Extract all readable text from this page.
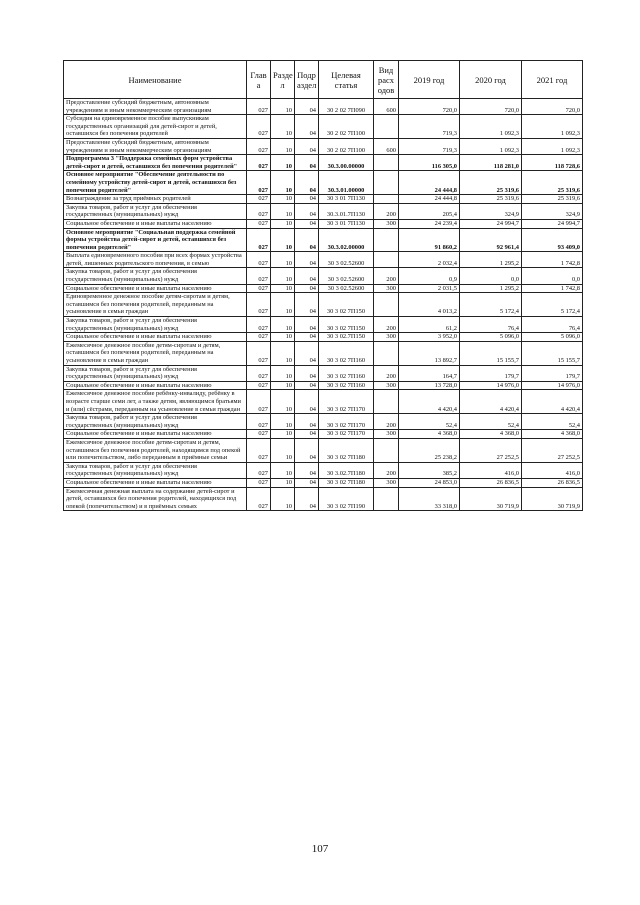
Наименование	Глав а	Разде л	Подр аздел	Целевая статья	Вид расх одов	2019 год	2020 год	2021 год
Предоставление субсидий бюджетным, автономным учреждениям и иным некоммерческим организациям	027	10	04	30 2 02 7П090	600	720,0	720,0	720,0
Субсидия на единовременное пособие выпускникам государственных организаций для детей-сирот и детей, оставшихся без попечения родителей	027	10	04	30 2 02 7П100		719,3	1 092,3	1 092,3
Предоставление субсидий бюджетным, автономным учреждениям и иным некоммерческим организациям	027	10	04	30 2 02 7П100	600	719,3	1 092,3	1 092,3
Подпрограмма 3 "Поддержка семейных форм устройства детей-сирот и детей, оставшихся без попечения родителей"	027	10	04	30.3.00.00000		116 305,0	118 281,0	118 728,6
Основное мероприятие "Обеспечение деятельности по семейному устройству детей-сирот и детей, оставшихся без попечения родителей"	027	10	04	30.3.01.00000		24 444,8	25 319,6	25 319,6
Вознаграждение за труд приёмных родителей	027	10	04	30 3 01 7П130		24 444,8	25 319,6	25 319,6
Закупка товаров, работ и услуг для обеспечения государственных (муниципальных) нужд	027	10	04	30.3.01.7П130	200	205,4	324,9	324,9
Социальное обеспечение и иные выплаты населению	027	10	04	30 3 01 7П130	300	24 239,4	24 994,7	24 994,7
Основное мероприятие "Социальная поддержка семейной формы устройства детей-сирот и детей, оставшихся без попечения родителей"	027	10	04	30.3.02.00000		91 860,2	92 961,4	93 409,0
Выплата единовременного пособия при всех формах устройства детей, лишенных родительского попечения, в семью	027	10	04	30 3 02.52600		2 032,4	1 295,2	1 742,8
Закупка товаров, работ и услуг для обеспечения государственных (муниципальных) нужд	027	10	04	30 3 02.52600	200	0,9	0,0	0,0
Социальное обеспечение и иные выплаты населению	027	10	04	30 3 02.52600	300	2 031,5	1 295,2	1 742,8
Единовременное денежное пособие детям-сиротам и детям, оставшимся без попечения родителей, переданным на усыновление в семьи граждан	027	10	04	30 3 02 7П150		4 013,2	5 172,4	5 172,4
Закупка товаров, работ и услуг для обеспечения государственных (муниципальных) нужд	027	10	04	30 3 02 7П150	200	61,2	76,4	76,4
Социальное обеспечение и иные выплаты населению	027	10	04	30 3 02.7П150	300	3 952,0	5 096,0	5 096,0
Ежемесячное денежное пособие детям-сиротам и детям, оставшимся без попечения родителей, переданным на усыновление в семьи граждан	027	10	04	30 3 02 7П160		13 892,7	15 155,7	15 155,7
Закупка товаров, работ и услуг для обеспечения государственных (муниципальных) нужд	027	10	04	30 3 02 7П160	200	164,7	179,7	179,7
Социальное обеспечение и иные выплаты населению	027	10	04	30 3 02 7П160	300	13 728,0	14 976,0	14 976,0
Ежемесячное денежное пособие ребёнку-инвалиду, ребёнку в возрасте старше семи лет, а также детям, являющимся братьями и (или) сёстрами, переданным на усыновление в семьи граждан	027	10	04	30 3 02 7П170		4 420,4	4 420,4	4 420,4
Закупка товаров, работ и услуг для обеспечения государственных (муниципальных) нужд	027	10	04	30 3 02 7П170	200	52,4	52,4	52,4
Социальное обеспечение и иные выплаты населению	027	10	04	30 3 02 7П170	300	4 368,0	4 368,0	4 368,0
Ежемесячное денежное пособие детям-сиротам и детям, оставшимся без попечения родителей, находящимся под опекой или попечительством, либо переданным в приёмные семьи	027	10	04	30 3 02 7П180		25 238,2	27 252,5	27 252,5
Закупка товаров, работ и услуг для обеспечения государственных (муниципальных) нужд	027	10	04	30 3.02.7П180	200	385,2	416,0	416,0
Социальное обеспечение и иные выплаты населению	027	10	04	30 3 02 7П180	300	24 853,0	26 836,5	26 836,5
Ежемесячная денежная выплата на содержание детей-сирот и детей, оставшихся без попечения родителей, находящихся под опекой (попечительством) и в приёмных семьях	027	10	04	30 3 02 7П190		33 318,0	30 719,9	30 719,9
107
